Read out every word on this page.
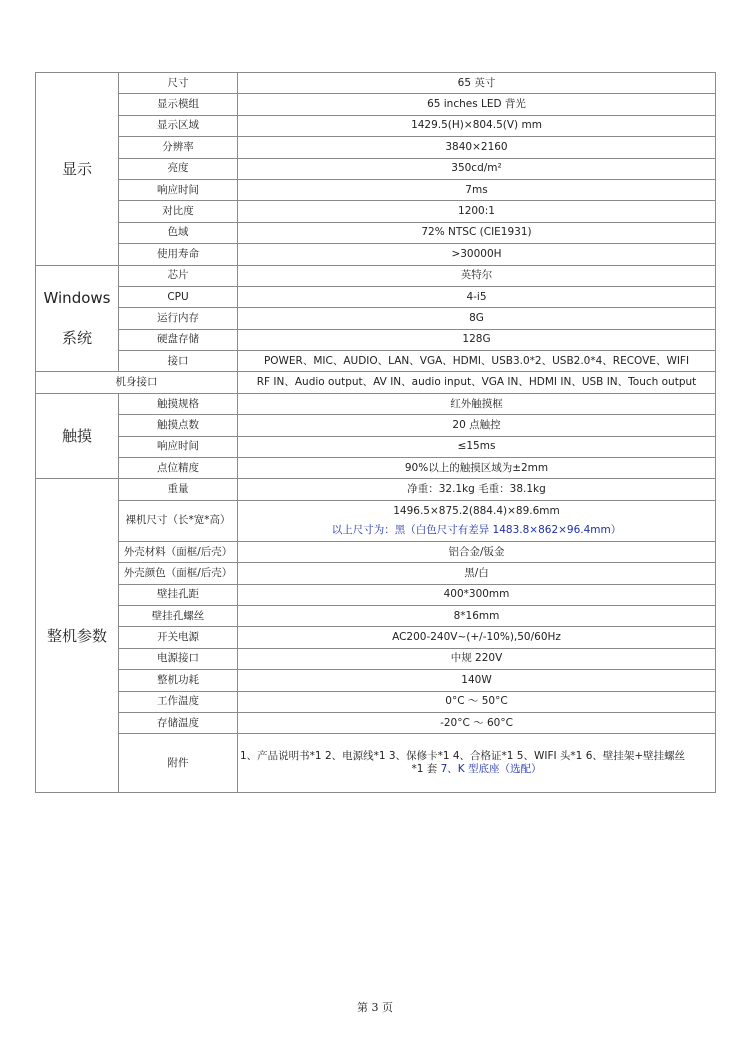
显示	尺寸	65 英寸
	显示模组	65 inches LED 背光
	显示区域	1429.5(H)×804.5(V) mm
	分辨率	3840×2160
	亮度	350cd/m²
	响应时间	7ms
	对比度	1200:1
	色域	72% NTSC (CIE1931)
	使用寿命	>30000H
Windows
系统	芯片	英特尔
	CPU	4-i5
	运行内存	8G
	硬盘存储	128G
	接口	POWER、MIC、AUDIO、LAN、VGA、HDMI、USB3.0*2、USB2.0*4、RECOVE、WIFI
机身接口		RF IN、Audio output、AV IN、audio input、VGA IN、HDMI IN、USB IN、Touch output
触摸	触摸规格	红外触摸框
	触摸点数	20 点触控
	响应时间	≤15ms
	点位精度	90%以上的触摸区域为±2mm
整机参数	重量	净重：32.1kg 毛重：38.1kg
	裸机尺寸（长*宽*高）	1496.5×875.2(884.4)×89.6mm
以上尺寸为：黑（白色尺寸有差异 1483.8×862×96.4mm）

	外壳材料（面框/后壳）	铝合金/钣金
	外壳颜色（面框/后壳）	黑/白
	壁挂孔距	400*300mm
	壁挂孔螺丝	8*16mm
	开关电源	AC200-240V~(+/-10%),50/60Hz
	电源接口	中规 220V
	整机功耗	140W
	工作温度	0°C ～ 50°C
	存储温度	-20°C ～ 60°C
	附件	1、产品说明书*1 2、电源线*1 3、保修卡*1 4、合格证*1 5、WIFI 头*1 6、壁挂架+壁挂螺丝
*1 套 7、K 型底座（选配）
第 3 页
